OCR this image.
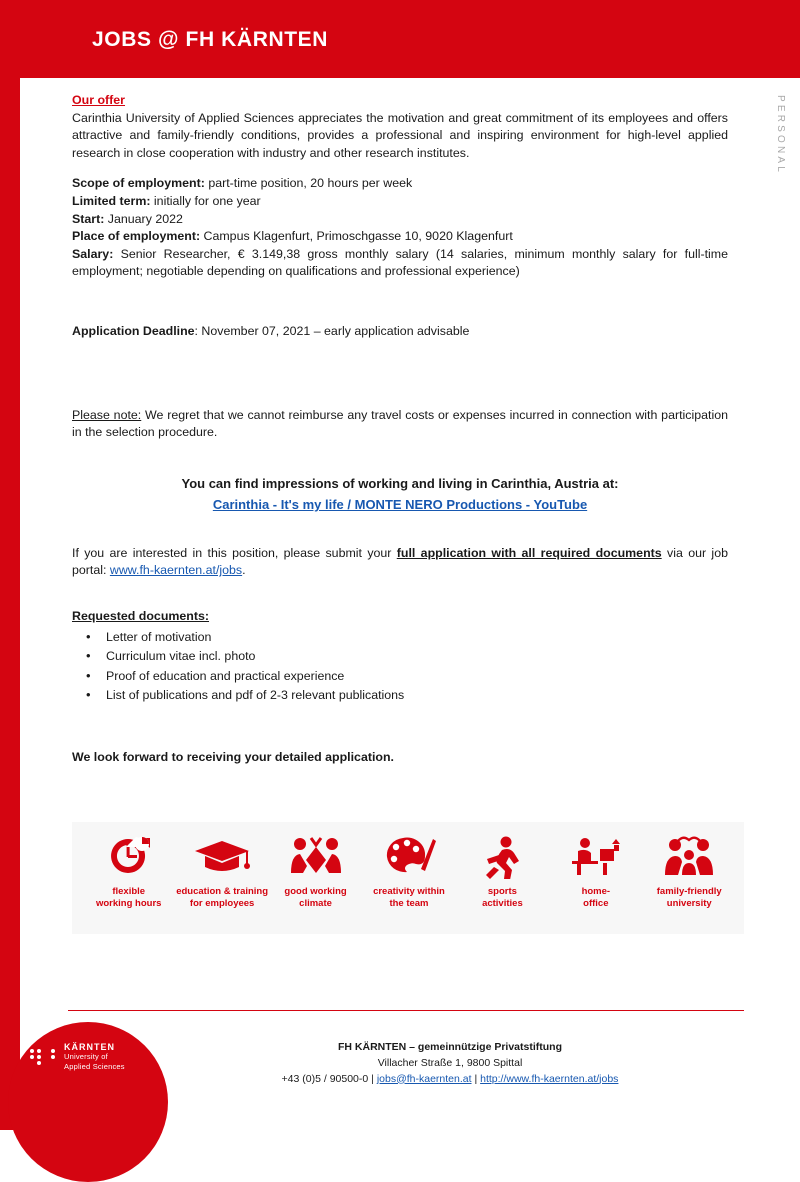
JOBS @ FH KÄRNTEN
PERSONAL
Our offer

Carinthia University of Applied Sciences appreciates the motivation and great commitment of its employees and offers attractive and family-friendly conditions, provides a professional and inspiring environment for high-level applied research in close cooperation with industry and other research institutes.

Scope of employment: part-time position, 20 hours per week

Limited term: initially for one year

Start: January 2022

Place of employment: Campus Klagenfurt, Primoschgasse 10, 9020 Klagenfurt

Salary: Senior Researcher, € 3.149,38 gross monthly salary (14 salaries, minimum monthly salary for full-time employment; negotiable depending on qualifications and professional experience)

Application Deadline: November 07, 2021 – early application advisable

Please note: We regret that we cannot reimburse any travel costs or expenses incurred in connection with participation in the selection procedure.

You can find impressions of working and living in Carinthia, Austria at:

Carinthia - It's my life / MONTE NERO Productions - YouTube

If you are interested in this position, please submit your full application with all required documents via our job portal: www.fh-kaernten.at/jobs.

Requested documents:
• Letter of motivation
• Curriculum vitae incl. photo
• Proof of education and practical experience
• List of publications and pdf of 2-3 relevant publications

We look forward to receiving your detailed application.

flexible
working hours
education & training
for employees
good working
climate
creativity within
the team
sports
activities
home-
office
family-friendly
university
KÄRNTEN
University of
Applied Sciences
FH KÄRNTEN – gemeinnützige Privatstiftung
Villacher Straße 1, 9800 Spittal
+43 (0)5 / 90500-0 | jobs@fh-kaernten.at | http://www.fh-kaernten.at/jobs
